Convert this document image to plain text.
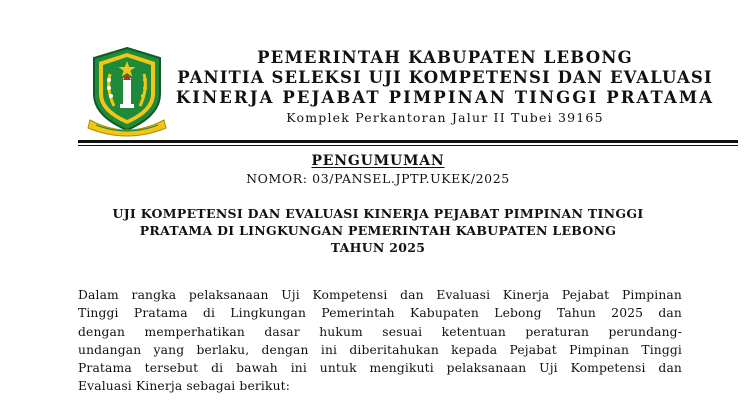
PEMERINTAH KABUPATEN LEBONG
PANITIA SELEKSI UJI KOMPETENSI DAN EVALUASI
KINERJA PEJABAT PIMPINAN TINGGI PRATAMA
Komplek Perkantoran Jalur II Tubei 39165
PENGUMUMAN
NOMOR: 03/PANSEL.JPTP.UKEK/2025
UJI KOMPETENSI DAN EVALUASI KINERJA PEJABAT PIMPINAN TINGGI
PRATAMA DI LINGKUNGAN PEMERINTAH KABUPATEN LEBONG
TAHUN 2025
Dalam rangka pelaksanaan Uji Kompetensi dan Evaluasi Kinerja Pejabat Pimpinan
Tinggi Pratama di Lingkungan Pemerintah Kabupaten Lebong Tahun 2025 dan
dengan memperhatikan dasar hukum sesuai ketentuan peraturan perundang-
undangan yang berlaku, dengan ini diberitahukan kepada Pejabat Pimpinan Tinggi
Pratama tersebut di bawah ini untuk mengikuti pelaksanaan Uji Kompetensi dan
Evaluasi Kinerja sebagai berikut:
